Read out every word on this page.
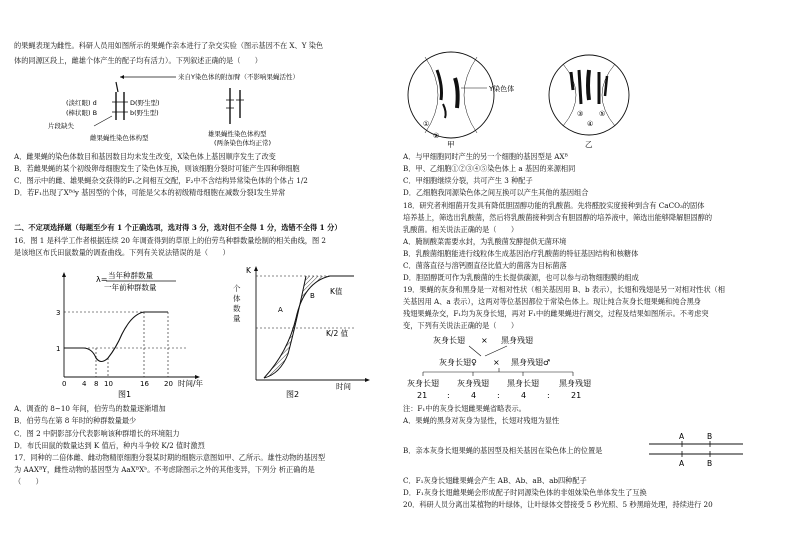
的果蝇表现为雌性。科研人员用如图所示的果蝇作亲本进行了杂交实验（图示基因不在 X、Y 染色
体的同源区段上，雌雄个体产生的配子均有活力）。下列叙述正确的是（　　）
来自Y染色体的附加臂（不影响果蝇活性）
(淡红眼) d
(棒状眼) B
D(野生型)
b(野生型)
片段缺失
雌果蝇性染色体构型	雄果蝇性染色体构型
(两条染色体均正常)
A．雌果蝇的染色体数目和基因数目均未发生改变，X染色体上基因顺序发生了改变
B．若雌果蝇的某个初级卵母细胞发生了染色体互换，则该细胞分裂时可能产生四种卵细胞
C．图示中的雌、雄果蝇杂交获得的F₁之间相互交配，F₂中不含结构异常染色体的个体占 1/2
D．若F₁出现了Xᴮᵈy 基因型的个体，可能是父本的初级精母细胞在减数分裂Ⅰ发生异常
二、不定项选择题（每题至少有 1 个正确选项，选对得 3 分，选对但不全得 1 分，选错不全得 1 分）
16．图 1 是科学工作者根据连续 20 年调查得到的草原上的伯劳鸟种群数量绘制的相关曲线，图 2
是该地区布氏田鼠数量的调查曲线。下列有关说法错误的是（　　）
λ= 当年种群数量
一年前种群数量
3
1
0 4 8 10	16 20 时间/年
图1
K
个体数量
A
B K值
K/2 值
时间
图2
A．调查的 8~10 年间，伯劳鸟的数量逐渐增加
B．伯劳鸟在第 8 年时的种群数量最少
C．图 2 中阴影部分代表影响该种群增长的环境阻力
D．布氏田鼠的数量达到 K 值后，种内斗争较 K/2 值时激烈
17．同种的二倍体雌、雌动物精原细胞分裂某时期的细胞示意图如甲、乙所示。雄性动物的基因型
为 AAXᴮY，雌性动物的基因型为 AaXᴮXᵇ。不考虑除图示之外的其他变异，下列分 析正确的是
（　　）
Y染色体
①
②
甲
③
④
⑤
乙
A．与甲细胞同时产生的另一个细胞的基因型是 AXᴮ
B．甲、乙细胞①②③④⑤染色体上 a 基因的来源相同
C．甲细胞继续分裂，共可产生 3 种配子
D．乙细胞我同源染色体之间互换可以产生其他的基因组合
18．研究者利细菌开发具有降低胆固醇功能的乳酸菌。先将醛胶实度接种到含有 CaCO₃的固体
培养基上，筛选出乳酸菌，然后将乳酸菌接种到含有胆固醇的培养液中，筛选出能够降解胆固醇的
乳酸菌。相关说法正确的是（　　）
A．腌制酸菜需要水封，为乳酸菌发酵提供无菌环境
B．乳酸菌细胞能进行线粒体生成基因治疗乳酸菌的特征基因结构和核糖体
C．菌落直径与溶钙圈直径比值大的菌落为目标菌落
D．胆固醇既可作为乳酸菌的生长提供碳源，也可以参与动物细胞膜的组成
19．果蝇的灰身和黑身是一对相对性状（相关基因用 B、b 表示），长翅和残翅是另一对相对性状（相
关基因用 A、a 表示），这两对等位基因都位于常染色体上。现让纯合灰身长翅果蝇和纯合黑身
残翅果蝇杂交，F₁均为灰身长翅，再对 F₁中的雌果蝇进行测交，过程及结果如图所示。不考虑突
变，下列有关说法正确的是（　　）
灰身长翅 × 黑身残翅
灰身长翅♀ × 黑身残翅♂
灰身长翅 灰身残翅 黑身长翅	黑身残翅
21 :	4	:	4	:	21
注：F₁中的灰身长翅雌果蝇省略表示。
A．果蝇的黑身对灰身为显性，长翅对残翅为显性
B．亲本灰身长翅果蝇的基因型及相关基因在染色体上的位置是
A	B
A	B
C．F₁灰身长翅雌果蝇会产生 AB、Ab、aB、ab四种配子
D．F₁灰身长翅雌果蝇会形成配子时同源染色体的非姐妹染色单体发生了互换
20．科研人员分离出某植物的叶绿体，让叶绿体交替接受 5 秒光照、5 秒黑暗处理，持续进行 20
